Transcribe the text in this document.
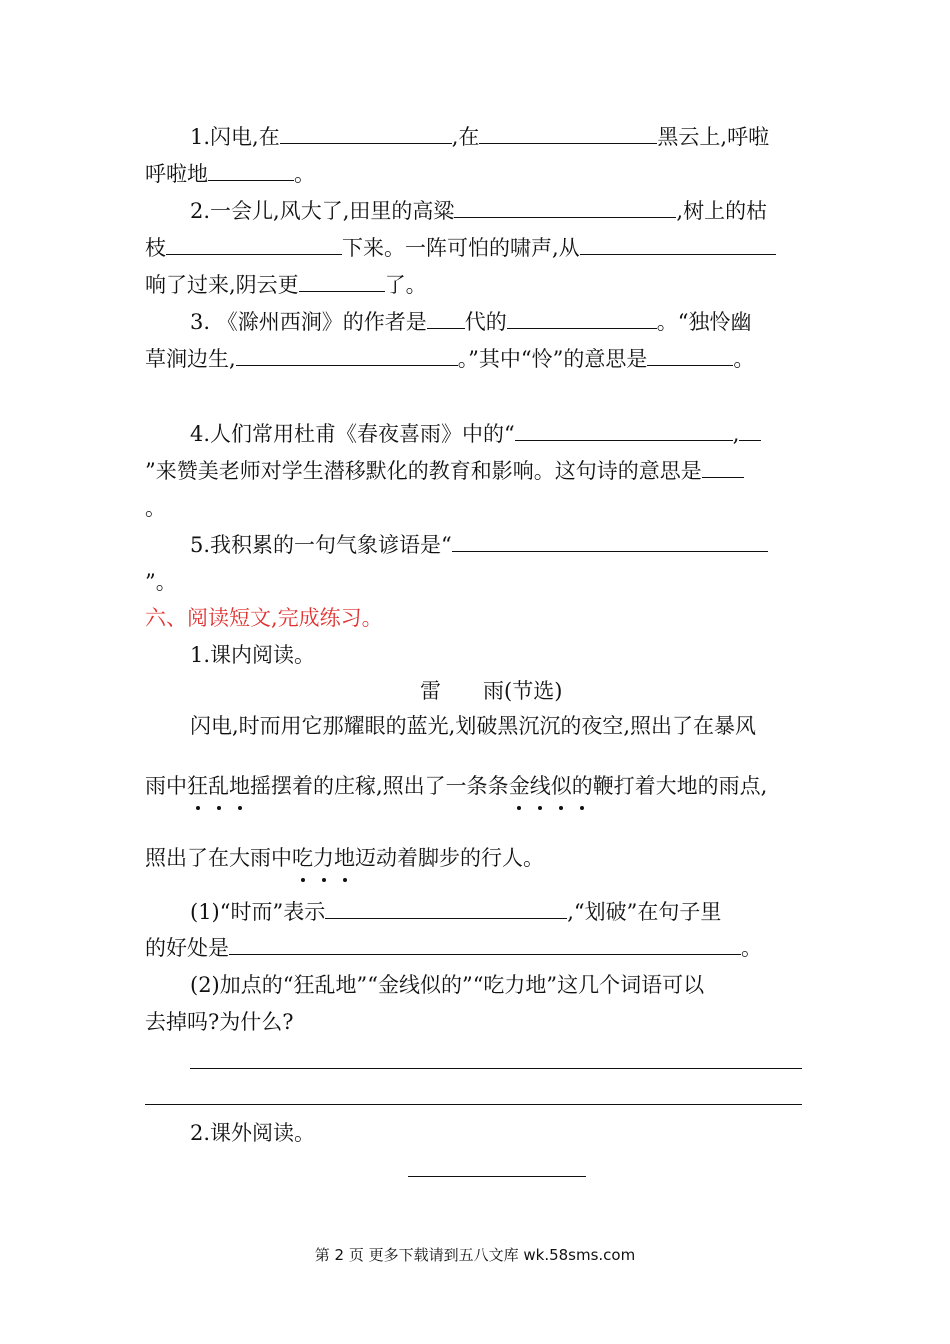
1.闪电,在	,在	黑云上,呼啦
呼啦地	。
2.一会儿,风大了,田里的高粱	,树上的枯
枝	下来。一阵可怕的啸声,从
响了过来,阴云更	了。
3. 《滁州西涧》的作者是 代的	。“独怜幽
草涧边生,	。”其中“怜”的意思是	。
4.人们常用杜甫《春夜喜雨》中的“	,
”来赞美老师对学生潜移默化的教育和影响。这句诗的意思是
。
5.我积累的一句气象谚语是“
”。
六、阅读短文,完成练习。
1.课内阅读。
雷　　雨(节选)
闪电,时而用它那耀眼的蓝光,划破黑沉沉的夜空,照出了在暴风
雨中狂乱地摇摆着的庄稼,照出了一条条金线似的鞭打着大地的雨点,
照出了在大雨中吃力地迈动着脚步的行人。
(1)“时而”表示	,“划破”在句子里
的好处是	。
(2)加点的“狂乱地”“金线似的”“吃力地”这几个词语可以
去掉吗?为什么?
2.课外阅读。
第 2 页 更多下载请到五八文库 wk.58sms.com
